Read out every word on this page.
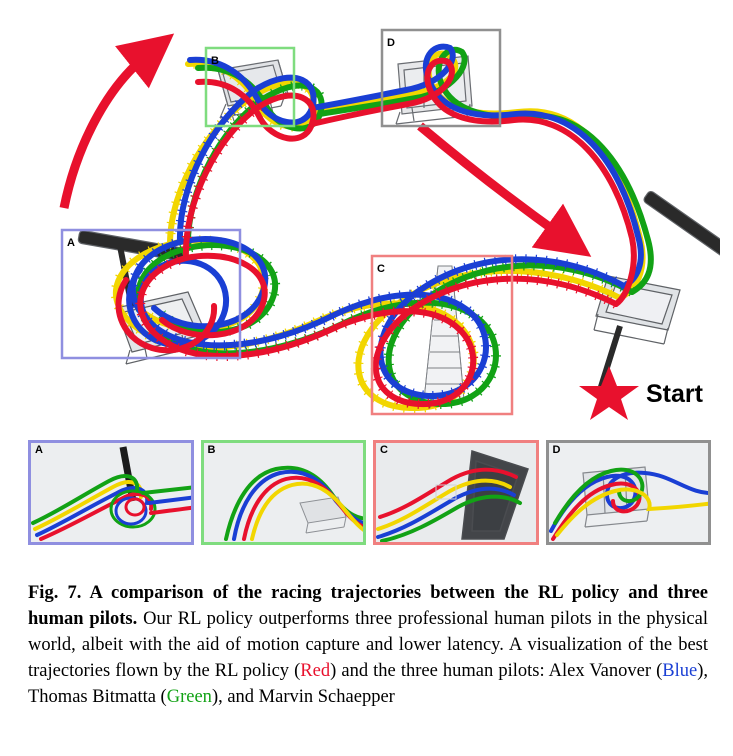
A
B
C
D
Start
A	B	C	D
Fig. 7. A comparison of the racing trajectories between the RL policy and three human pilots. Our RL policy outperforms three professional human pilots in the physical world, albeit with the aid of motion capture and lower latency. A visualization of the best trajectories flown by the RL policy (Red) and the three human pilots: Alex Vanover (Blue), Thomas Bitmatta (Green), and Marvin Schaepper
